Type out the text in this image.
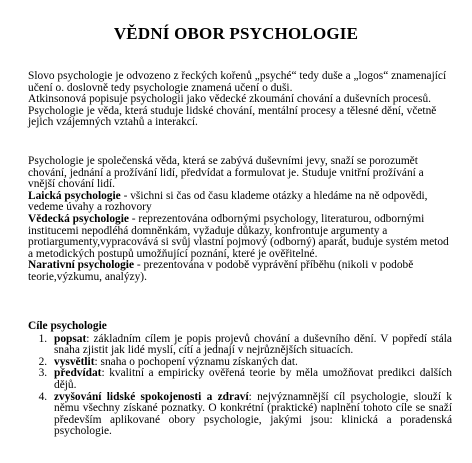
VĚDNÍ OBOR PSYCHOLOGIE

Slovo psychologie je odvozeno z řeckých kořenů „psyché“ tedy duše a „logos“ znamenající učení o. doslovně tedy psychologie znamená učení o duši.

Atkinsonová popisuje psychologii jako vědecké zkoumání chování a duševních procesů.

Psychologie je věda, která studuje lidské chování, mentální procesy a tělesné dění, včetně jejich vzájemných vztahů a interakcí.

Psychologie je společenská věda, která se zabývá duševními jevy, snaží se porozumět chování, jednání a prožívání lidí, předvídat a formulovat je. Studuje vnitřní prožívání a vnější chování lidí.

Laická psychologie - všichni si čas od času klademe otázky a hledáme na ně odpovědi, vedeme úvahy a rozhovory

Vědecká psychologie - reprezentována odbornými psychology, literaturou, odbornými institucemi nepodléhá domněnkám, vyžaduje důkazy, konfrontuje argumenty a protiargumenty,vypracovává si svůj vlastní pojmový (odborný) aparát, buduje systém metod a metodických postupů umožňující poznání, které je ověřitelné.

Narativní psychologie - prezentována v podobě vyprávění příběhu (nikoli v podobě teorie,výzkumu, analýzy).

Cíle psychologie

1. popsat: základním cílem je popis projevů chování a duševního dění. V popředí stála snaha zjistit jak lidé myslí, cítí a jednají v nejrůznějších situacích.
2. vysvětlit: snaha o pochopení významu získaných dat.
3. předvídat: kvalitní a empiricky ověřená teorie by měla umožňovat predikci dalších dějů.
4. zvyšování lidské spokojenosti a zdraví: nejvýznamnější cíl psychologie, slouží k němu všechny získané poznatky. O konkrétní (praktické) naplnění tohoto cíle se snaží především aplikované obory psychologie, jakými jsou: klinická a poradenská psychologie.
